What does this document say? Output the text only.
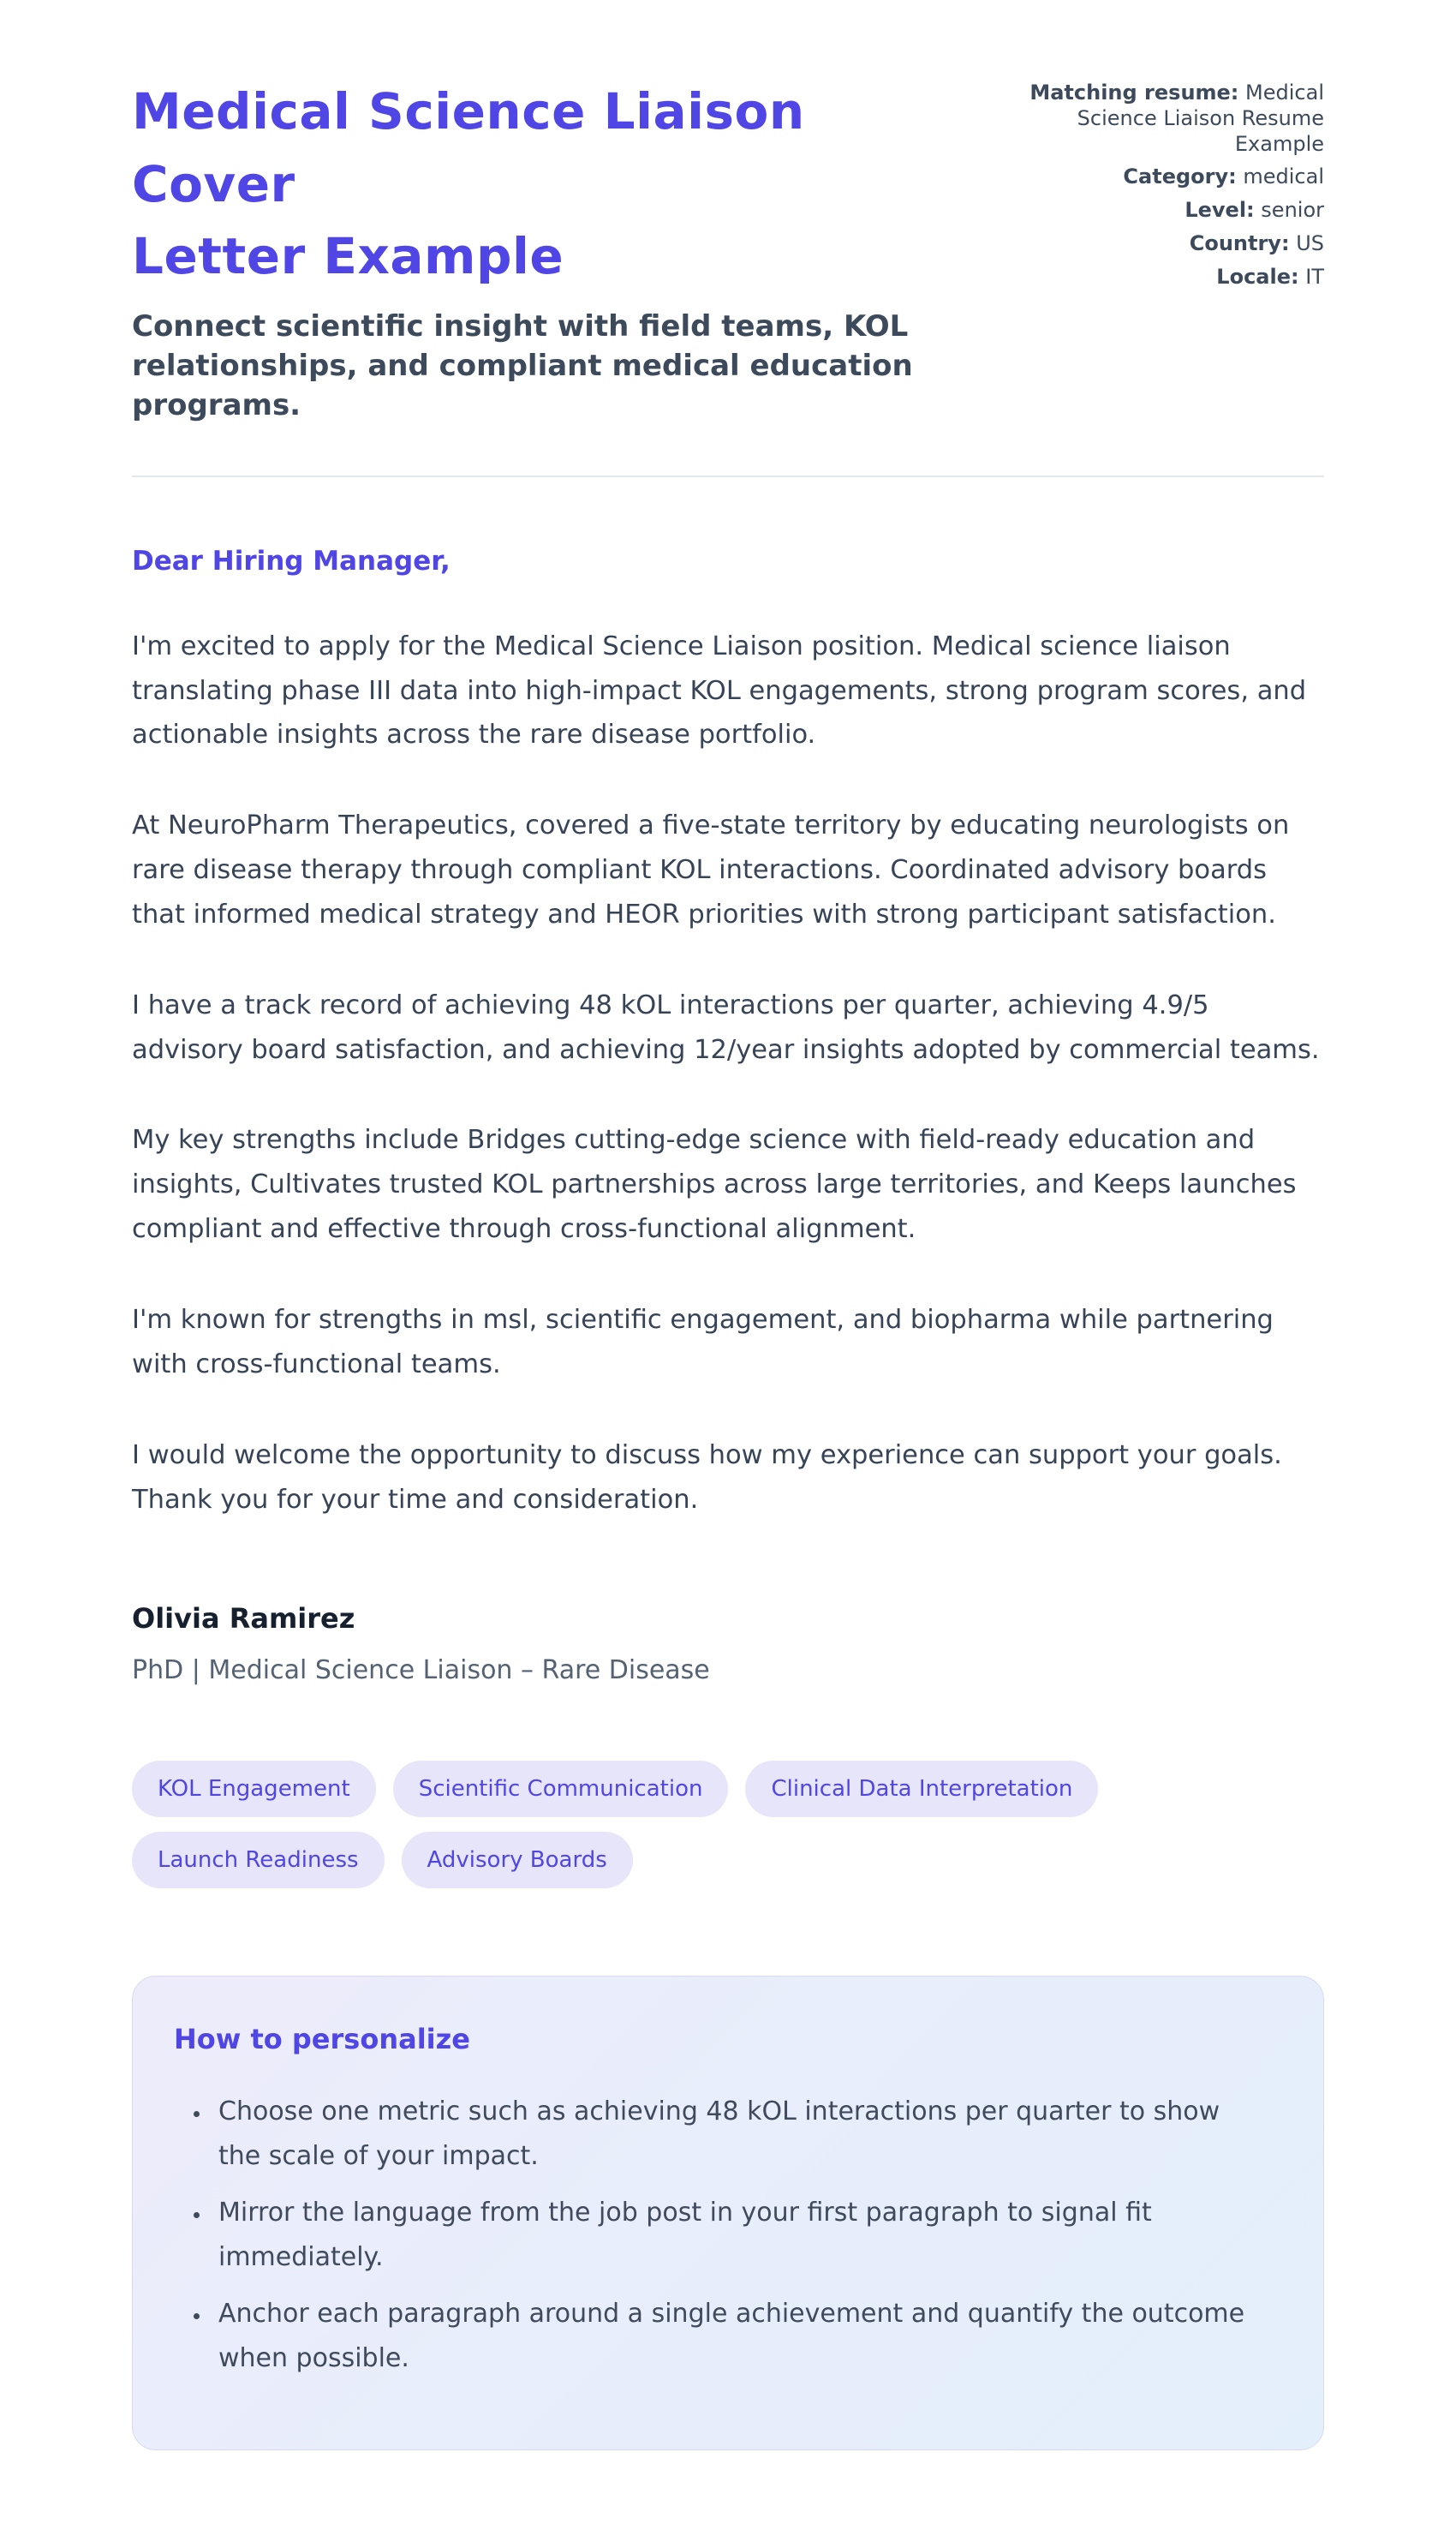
Medical Science Liaison Cover
Letter Example
Connect scientific insight with field teams, KOL relationships, and compliant medical education programs.
Matching resume: Medical Science Liaison Resume Example
Category: medical
Level: senior
Country: US
Locale: IT
Dear Hiring Manager,

I'm excited to apply for the Medical Science Liaison position. Medical science liaison translating phase III data into high-impact KOL engagements, strong program scores, and actionable insights across the rare disease portfolio.

At NeuroPharm Therapeutics, covered a five-state territory by educating neurologists on rare disease therapy through compliant KOL interactions. Coordinated advisory boards that informed medical strategy and HEOR priorities with strong participant satisfaction.

I have a track record of achieving 48 kOL interactions per quarter, achieving 4.9/5 advisory board satisfaction, and achieving 12/year insights adopted by commercial teams.

My key strengths include Bridges cutting-edge science with field-ready education and insights, Cultivates trusted KOL partnerships across large territories, and Keeps launches compliant and effective through cross-functional alignment.

I'm known for strengths in msl, scientific engagement, and biopharma while partnering with cross-functional teams.

I would welcome the opportunity to discuss how my experience can support your goals.
Thank you for your time and consideration.

Olivia Ramirez
PhD | Medical Science Liaison – Rare Disease
KOL Engagement	Scientific Communication	Clinical Data Interpretation
Launch Readiness	Advisory Boards
How to personalize
• Choose one metric such as achieving 48 kOL interactions per quarter to show the scale of your impact.
• Mirror the language from the job post in your first paragraph to signal fit immediately.
• Anchor each paragraph around a single achievement and quantify the outcome when possible.
